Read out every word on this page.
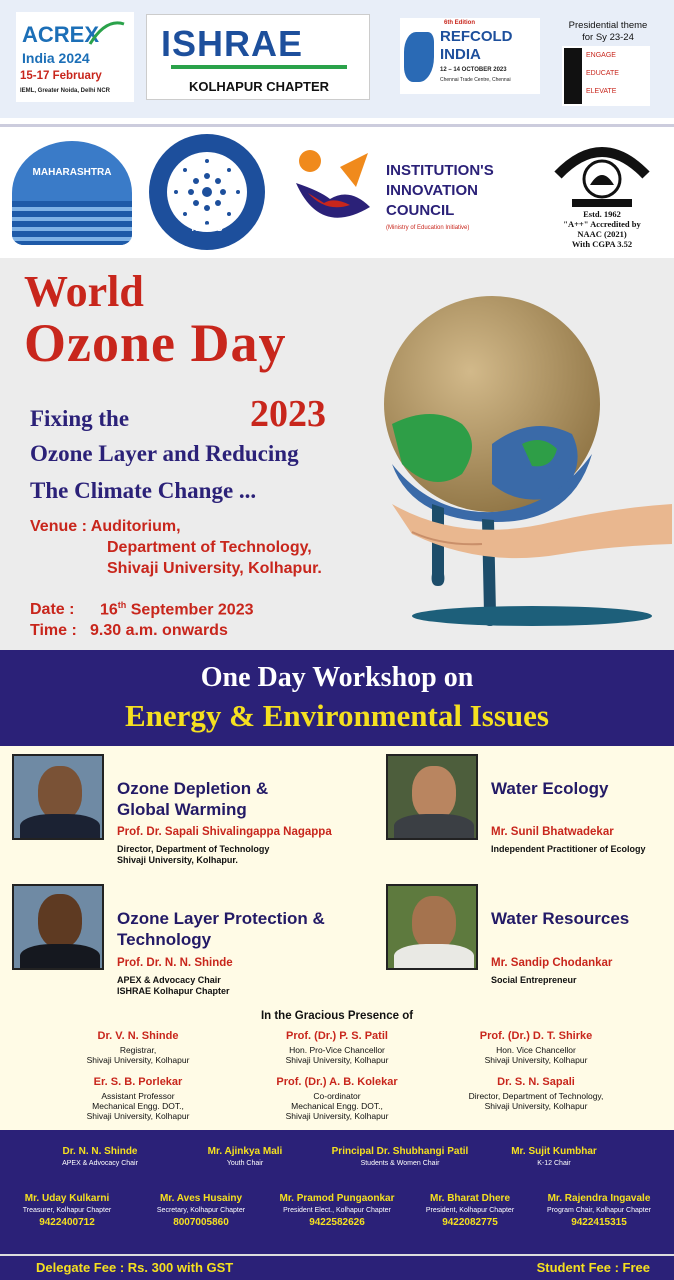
ACREX
India 2024
15-17 February
IEML, Greater Noida, Delhi NCR
ISHRAE
KOLHAPUR CHAPTER
6th Edition
REFCOLD
INDIA
12 – 14 OCTOBER 2023
Chennai Trade Centre, Chennai
Presidential theme
for Sy 23-24
ENGAGE
EDUCATE
ELEVATE
MAHARASHTRA
RASSS
INSTITUTION'S
INNOVATION
COUNCIL
(Ministry of Education Initiative)
Estd. 1962
"A++" Accredited by
NAAC (2021)
With CGPA 3.52
World
Ozone Day
Fixing the	2023
Ozone Layer and Reducing
The Climate Change ...
Venue : Auditorium,
Department of Technology,
Shivaji University, Kolhapur.
Date : 16th September 2023
Time : 9.30 a.m. onwards
One Day Workshop on
Energy & Environmental Issues
Ozone Depletion &
Global Warming
Prof. Dr. Sapali Shivalingappa Nagappa
Director, Department of Technology
Shivaji University, Kolhapur.
Water Ecology
Mr. Sunil Bhatwadekar
Independent Practitioner of Ecology
Ozone Layer Protection &
Technology
Prof. Dr. N. N. Shinde
APEX & Advocacy Chair
ISHRAE Kolhapur Chapter
Water Resources
Mr. Sandip Chodankar
Social Entrepreneur
In the Gracious Presence of
Dr. V. N. Shinde
Registrar,
Shivaji University, Kolhapur
Prof. (Dr.) P. S. Patil
Hon. Pro-Vice Chancellor
Shivaji University, Kolhapur
Prof. (Dr.) D. T. Shirke
Hon. Vice Chancellor
Shivaji University, Kolhapur
Er. S. B. Porlekar
Assistant Professor
Mechanical Engg. DOT.,
Shivaji University, Kolhapur
Prof. (Dr.) A. B. Kolekar
Co-ordinator
Mechanical Engg. DOT.,
Shivaji University, Kolhapur
Dr. S. N. Sapali
Director, Department of Technology,
Shivaji University, Kolhapur
Dr. N. N. Shinde
APEX & Advocacy Chair
Mr. Ajinkya Mali
Youth Chair
Principal Dr. Shubhangi Patil
Students & Women Chair
Mr. Sujit Kumbhar
K-12 Chair
Mr. Uday Kulkarni
Treasurer, Kolhapur Chapter
9422400712
Mr. Aves Husainy
Secretary, Kolhapur Chapter
8007005860
Mr. Pramod Pungaonkar
President Elect., Kolhapur Chapter
9422582626
Mr. Bharat Dhere
President, Kolhapur Chapter
9422082775
Mr. Rajendra Ingavale
Program Chair, Kolhapur Chapter
9422415315
Delegate Fee : Rs. 300 with GST	Student Fee : Free
